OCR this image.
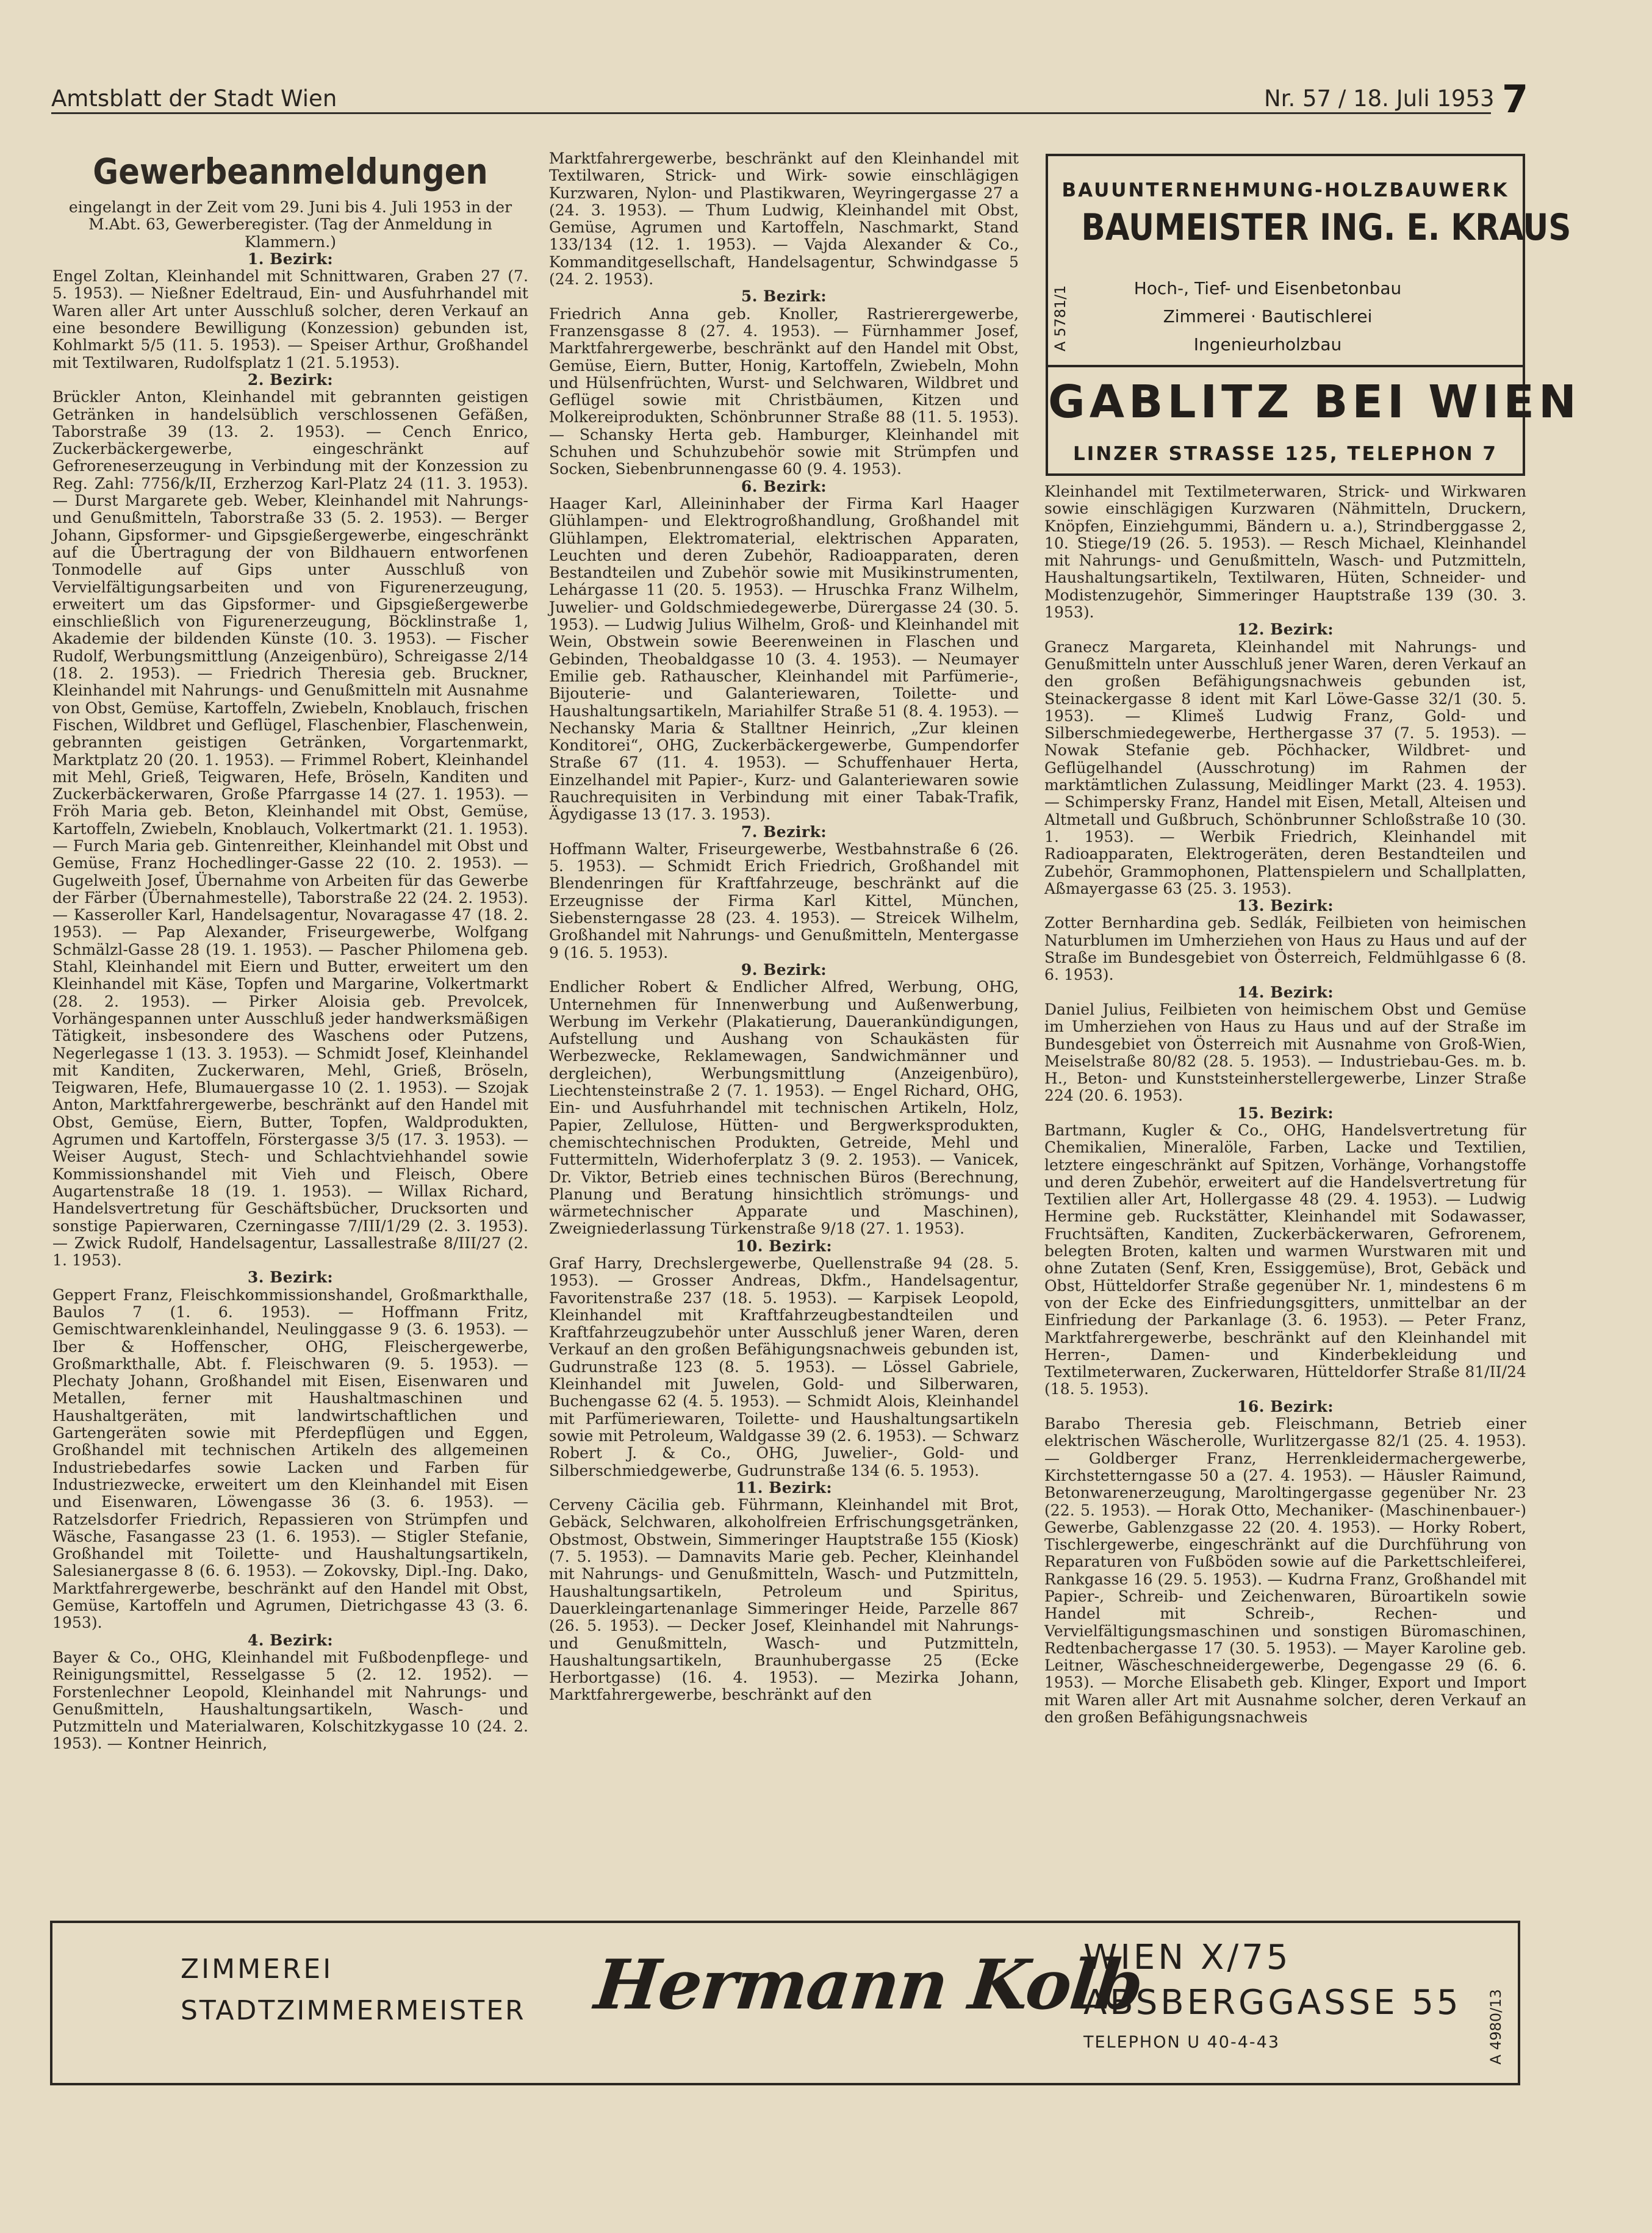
Amtsblatt der Stadt Wien	Nr. 57 / 18. Juli 1953 7
Gewerbeanmeldungen

eingelangt in der Zeit vom 29. Juni bis 4. Juli 1953 in der M.Abt. 63, Gewerberegister. (Tag der Anmeldung in Klammern.)

1. Bezirk:

Engel Zoltan, Kleinhandel mit Schnittwaren, Graben 27 (7. 5. 1953). — Nießner Edeltraud, Ein- und Ausfuhrhandel mit Waren aller Art unter Ausschluß solcher, deren Verkauf an eine besondere Bewilligung (Konzession) gebunden ist, Kohlmarkt 5/5 (11. 5. 1953). — Speiser Arthur, Großhandel mit Textilwaren, Rudolfsplatz 1 (21. 5.1953).

2. Bezirk:

Brückler Anton, Kleinhandel mit gebrannten geistigen Getränken in handelsüblich verschlossenen Gefäßen, Taborstraße 39 (13. 2. 1953). — Cench Enrico, Zuckerbäckergewerbe, eingeschränkt auf Gefroreneserzeugung in Verbindung mit der Konzession zu Reg. Zahl: 7756/k/II, Erzherzog Karl-Platz 24 (11. 3. 1953). — Durst Margarete geb. Weber, Kleinhandel mit Nahrungs- und Genußmitteln, Taborstraße 33 (5. 2. 1953). — Berger Johann, Gipsformer- und Gipsgießergewerbe, eingeschränkt auf die Übertragung der von Bildhauern entworfenen Tonmodelle auf Gips unter Ausschluß von Vervielfältigungsarbeiten und von Figurenerzeugung, erweitert um das Gipsformer- und Gipsgießergewerbe einschließlich von Figurenerzeugung, Böcklinstraße 1, Akademie der bildenden Künste (10. 3. 1953). — Fischer Rudolf, Werbungsmittlung (Anzeigenbüro), Schreigasse 2/14 (18. 2. 1953). — Friedrich Theresia geb. Bruckner, Kleinhandel mit Nahrungs- und Genußmitteln mit Ausnahme von Obst, Gemüse, Kartoffeln, Zwiebeln, Knoblauch, frischen Fischen, Wildbret und Geflügel, Flaschenbier, Flaschenwein, gebrannten geistigen Getränken, Vorgartenmarkt, Marktplatz 20 (20. 1. 1953). — Frimmel Robert, Kleinhandel mit Mehl, Grieß, Teigwaren, Hefe, Bröseln, Kanditen und Zuckerbäckerwaren, Große Pfarrgasse 14 (27. 1. 1953). — Fröh Maria geb. Beton, Kleinhandel mit Obst, Gemüse, Kartoffeln, Zwiebeln, Knoblauch, Volkertmarkt (21. 1. 1953). — Furch Maria geb. Gintenreither, Kleinhandel mit Obst und Gemüse, Franz Hochedlinger-Gasse 22 (10. 2. 1953). — Gugelweith Josef, Übernahme von Arbeiten für das Gewerbe der Färber (Übernahmestelle), Taborstraße 22 (24. 2. 1953). — Kasseroller Karl, Handelsagentur, Novaragasse 47 (18. 2. 1953). — Pap Alexander, Friseurgewerbe, Wolfgang Schmälzl-Gasse 28 (19. 1. 1953). — Pascher Philomena geb. Stahl, Kleinhandel mit Eiern und Butter, erweitert um den Kleinhandel mit Käse, Topfen und Margarine, Volkertmarkt (28. 2. 1953). — Pirker Aloisia geb. Prevolcek, Vorhängespannen unter Ausschluß jeder handwerksmäßigen Tätigkeit, insbesondere des Waschens oder Putzens, Negerlegasse 1 (13. 3. 1953). — Schmidt Josef, Kleinhandel mit Kanditen, Zuckerwaren, Mehl, Grieß, Bröseln, Teigwaren, Hefe, Blumauergasse 10 (2. 1. 1953). — Szojak Anton, Marktfahrergewerbe, beschränkt auf den Handel mit Obst, Gemüse, Eiern, Butter, Topfen, Waldprodukten, Agrumen und Kartoffeln, Förstergasse 3/5 (17. 3. 1953). — Weiser August, Stech- und Schlachtviehhandel sowie Kommissionshandel mit Vieh und Fleisch, Obere Augartenstraße 18 (19. 1. 1953). — Willax Richard, Handelsvertretung für Geschäftsbücher, Drucksorten und sonstige Papierwaren, Czerningasse 7/III/1/29 (2. 3. 1953). — Zwick Rudolf, Handelsagentur, Lassallestraße 8/III/27 (2. 1. 1953).

3. Bezirk:

Geppert Franz, Fleischkommissionshandel, Großmarkthalle, Baulos 7 (1. 6. 1953). — Hoffmann Fritz, Gemischtwarenkleinhandel, Neulinggasse 9 (3. 6. 1953). — Iber & Hoffenscher, OHG, Fleischergewerbe, Großmarkthalle, Abt. f. Fleischwaren (9. 5. 1953). — Plechaty Johann, Großhandel mit Eisen, Eisenwaren und Metallen, ferner mit Haushaltmaschinen und Haushaltgeräten, mit landwirtschaftlichen und Gartengeräten sowie mit Pferdepflügen und Eggen, Großhandel mit technischen Artikeln des allgemeinen Industriebedarfes sowie Lacken und Farben für Industriezwecke, erweitert um den Kleinhandel mit Eisen und Eisenwaren, Löwengasse 36 (3. 6. 1953). — Ratzelsdorfer Friedrich, Repassieren von Strümpfen und Wäsche, Fasangasse 23 (1. 6. 1953). — Stigler Stefanie, Großhandel mit Toilette- und Haushaltungsartikeln, Salesianergasse 8 (6. 6. 1953). — Zokovsky, Dipl.-Ing. Dako, Marktfahrergewerbe, beschränkt auf den Handel mit Obst, Gemüse, Kartoffeln und Agrumen, Dietrichgasse 43 (3. 6. 1953).

4. Bezirk:

Bayer & Co., OHG, Kleinhandel mit Fußbodenpflege- und Reinigungsmittel, Resselgasse 5 (2. 12. 1952). — Forstenlechner Leopold, Kleinhandel mit Nahrungs- und Genußmitteln, Haushaltungsartikeln, Wasch- und Putzmitteln und Materialwaren, Kolschitzkygasse 10 (24. 2. 1953). — Kontner Heinrich,

Marktfahrergewerbe, beschränkt auf den Kleinhandel mit Textilwaren, Strick- und Wirk- sowie einschlägigen Kurzwaren, Nylon- und Plastikwaren, Weyringergasse 27 a (24. 3. 1953). — Thum Ludwig, Kleinhandel mit Obst, Gemüse, Agrumen und Kartoffeln, Naschmarkt, Stand 133/134 (12. 1. 1953). — Vajda Alexander & Co., Kommanditgesellschaft, Handelsagentur, Schwindgasse 5 (24. 2. 1953).

5. Bezirk:

Friedrich Anna geb. Knoller, Rastrierergewerbe, Franzensgasse 8 (27. 4. 1953). — Fürnhammer Josef, Marktfahrergewerbe, beschränkt auf den Handel mit Obst, Gemüse, Eiern, Butter, Honig, Kartoffeln, Zwiebeln, Mohn und Hülsenfrüchten, Wurst- und Selchwaren, Wildbret und Geflügel sowie mit Christbäumen, Kitzen und Molkereiprodukten, Schönbrunner Straße 88 (11. 5. 1953). — Schansky Herta geb. Hamburger, Kleinhandel mit Schuhen und Schuhzubehör sowie mit Strümpfen und Socken, Siebenbrunnengasse 60 (9. 4. 1953).

6. Bezirk:

Haager Karl, Alleininhaber der Firma Karl Haager Glühlampen- und Elektrogroßhandlung, Großhandel mit Glühlampen, Elektromaterial, elektrischen Apparaten, Leuchten und deren Zubehör, Radioapparaten, deren Bestandteilen und Zubehör sowie mit Musikinstrumenten, Lehárgasse 11 (20. 5. 1953). — Hruschka Franz Wilhelm, Juwelier- und Goldschmiedegewerbe, Dürergasse 24 (30. 5. 1953). — Ludwig Julius Wilhelm, Groß- und Kleinhandel mit Wein, Obstwein sowie Beerenweinen in Flaschen und Gebinden, Theobaldgasse 10 (3. 4. 1953). — Neumayer Emilie geb. Rathauscher, Kleinhandel mit Parfümerie-, Bijouterie- und Galanteriewaren, Toilette- und Haushaltungsartikeln, Mariahilfer Straße 51 (8. 4. 1953). — Nechansky Maria & Stalltner Heinrich, „Zur kleinen Konditorei“, OHG, Zuckerbäckergewerbe, Gumpendorfer Straße 67 (11. 4. 1953). — Schuffenhauer Herta, Einzelhandel mit Papier-, Kurz- und Galanteriewaren sowie Rauchrequisiten in Verbindung mit einer Tabak-Trafik, Ägydigasse 13 (17. 3. 1953).

7. Bezirk:

Hoffmann Walter, Friseurgewerbe, Westbahnstraße 6 (26. 5. 1953). — Schmidt Erich Friedrich, Großhandel mit Blendenringen für Kraftfahrzeuge, beschränkt auf die Erzeugnisse der Firma Karl Kittel, München, Siebensterngasse 28 (23. 4. 1953). — Streicek Wilhelm, Großhandel mit Nahrungs- und Genußmitteln, Mentergasse 9 (16. 5. 1953).

9. Bezirk:

Endlicher Robert & Endlicher Alfred, Werbung, OHG, Unternehmen für Innenwerbung und Außenwerbung, Werbung im Verkehr (Plakatierung, Dauerankündigungen, Aufstellung und Aushang von Schaukästen für Werbezwecke, Reklamewagen, Sandwichmänner und dergleichen), Werbungsmittlung (Anzeigenbüro), Liechtensteinstraße 2 (7. 1. 1953). — Engel Richard, OHG, Ein- und Ausfuhrhandel mit technischen Artikeln, Holz, Papier, Zellulose, Hütten- und Bergwerksprodukten, chemischtechnischen Produkten, Getreide, Mehl und Futtermitteln, Widerhoferplatz 3 (9. 2. 1953). — Vanicek, Dr. Viktor, Betrieb eines technischen Büros (Berechnung, Planung und Beratung hinsichtlich strömungs- und wärmetechnischer Apparate und Maschinen), Zweigniederlassung Türkenstraße 9/18 (27. 1. 1953).

10. Bezirk:

Graf Harry, Drechslergewerbe, Quellenstraße 94 (28. 5. 1953). — Grosser Andreas, Dkfm., Handelsagentur, Favoritenstraße 237 (18. 5. 1953). — Karpisek Leopold, Kleinhandel mit Kraftfahrzeugbestandteilen und Kraftfahrzeugzubehör unter Ausschluß jener Waren, deren Verkauf an den großen Befähigungsnachweis gebunden ist, Gudrunstraße 123 (8. 5. 1953). — Lössel Gabriele, Kleinhandel mit Juwelen, Gold- und Silberwaren, Buchengasse 62 (4. 5. 1953). — Schmidt Alois, Kleinhandel mit Parfümeriewaren, Toilette- und Haushaltungsartikeln sowie mit Petroleum, Waldgasse 39 (2. 6. 1953). — Schwarz Robert J. & Co., OHG, Juwelier-, Gold- und Silberschmiedgewerbe, Gudrunstraße 134 (6. 5. 1953).

11. Bezirk:

Cerveny Cäcilia geb. Führmann, Kleinhandel mit Brot, Gebäck, Selchwaren, alkoholfreien Erfrischungsgetränken, Obstmost, Obstwein, Simmeringer Hauptstraße 155 (Kiosk) (7. 5. 1953). — Damnavits Marie geb. Pecher, Kleinhandel mit Nahrungs- und Genußmitteln, Wasch- und Putzmitteln, Haushaltungsartikeln, Petroleum und Spiritus, Dauerkleingartenanlage Simmeringer Heide, Parzelle 867 (26. 5. 1953). — Decker Josef, Kleinhandel mit Nahrungs- und Genußmitteln, Wasch- und Putzmitteln, Haushaltungsartikeln, Braunhubergasse 25 (Ecke Herbortgasse) (16. 4. 1953). — Mezirka Johann, Marktfahrergewerbe, beschränkt auf den

BAUUNTERNEHMUNG-HOLZBAUWERK
BAUMEISTER ING. E. KRAUS
A 5781/1	Hoch-, Tief- und Eisenbetonbau
Zimmerei · Bautischlerei
Ingenieurholzbau
GABLITZ BEI WIEN
LINZER STRASSE 125, TELEPHON 7

Kleinhandel mit Textilmeterwaren, Strick- und Wirkwaren sowie einschlägigen Kurzwaren (Nähmitteln, Druckern, Knöpfen, Einziehgummi, Bändern u. a.), Strindberggasse 2, 10. Stiege/19 (26. 5. 1953). — Resch Michael, Kleinhandel mit Nahrungs- und Genußmitteln, Wasch- und Putzmitteln, Haushaltungsartikeln, Textilwaren, Hüten, Schneider- und Modistenzugehör, Simmeringer Hauptstraße 139 (30. 3. 1953).

12. Bezirk:

Granecz Margareta, Kleinhandel mit Nahrungs- und Genußmitteln unter Ausschluß jener Waren, deren Verkauf an den großen Befähigungsnachweis gebunden ist, Steinackergasse 8 ident mit Karl Löwe-Gasse 32/1 (30. 5. 1953). — Klimeš Ludwig Franz, Gold- und Silberschmiedegewerbe, Herthergasse 37 (7. 5. 1953). — Nowak Stefanie geb. Pöchhacker, Wildbret- und Geflügelhandel (Ausschrotung) im Rahmen der marktämtlichen Zulassung, Meidlinger Markt (23. 4. 1953). — Schimpersky Franz, Handel mit Eisen, Metall, Alteisen und Altmetall und Gußbruch, Schönbrunner Schloßstraße 10 (30. 1. 1953). — Werbik Friedrich, Kleinhandel mit Radioapparaten, Elektrogeräten, deren Bestandteilen und Zubehör, Grammophonen, Plattenspielern und Schallplatten, Aßmayergasse 63 (25. 3. 1953).

13. Bezirk:

Zotter Bernhardina geb. Sedlák, Feilbieten von heimischen Naturblumen im Umherziehen von Haus zu Haus und auf der Straße im Bundesgebiet von Österreich, Feldmühlgasse 6 (8. 6. 1953).

14. Bezirk:

Daniel Julius, Feilbieten von heimischem Obst und Gemüse im Umherziehen von Haus zu Haus und auf der Straße im Bundesgebiet von Österreich mit Ausnahme von Groß-Wien, Meiselstraße 80/82 (28. 5. 1953). — Industriebau-Ges. m. b. H., Beton- und Kunststeinherstellergewerbe, Linzer Straße 224 (20. 6. 1953).

15. Bezirk:

Bartmann, Kugler & Co., OHG, Handelsvertretung für Chemikalien, Mineralöle, Farben, Lacke und Textilien, letztere eingeschränkt auf Spitzen, Vorhänge, Vorhangstoffe und deren Zubehör, erweitert auf die Handelsvertretung für Textilien aller Art, Hollergasse 48 (29. 4. 1953). — Ludwig Hermine geb. Ruckstätter, Kleinhandel mit Sodawasser, Fruchtsäften, Kanditen, Zuckerbäckerwaren, Gefrorenem, belegten Broten, kalten und warmen Wurstwaren mit und ohne Zutaten (Senf, Kren, Essiggemüse), Brot, Gebäck und Obst, Hütteldorfer Straße gegenüber Nr. 1, mindestens 6 m von der Ecke des Einfriedungsgitters, unmittelbar an der Einfriedung der Parkanlage (3. 6. 1953). — Peter Franz, Marktfahrergewerbe, beschränkt auf den Kleinhandel mit Herren-, Damen- und Kinderbekleidung und Textilmeterwaren, Zuckerwaren, Hütteldorfer Straße 81/II/24 (18. 5. 1953).

16. Bezirk:

Barabo Theresia geb. Fleischmann, Betrieb einer elektrischen Wäscherolle, Wurlitzergasse 82/1 (25. 4. 1953). — Goldberger Franz, Herrenkleidermachergewerbe, Kirchstetterngasse 50 a (27. 4. 1953). — Häusler Raimund, Betonwarenerzeugung, Maroltingergasse gegenüber Nr. 23 (22. 5. 1953). — Horak Otto, Mechaniker- (Maschinenbauer-) Gewerbe, Gablenzgasse 22 (20. 4. 1953). — Horky Robert, Tischlergewerbe, eingeschränkt auf die Durchführung von Reparaturen von Fußböden sowie auf die Parkettschleiferei, Rankgasse 16 (29. 5. 1953). — Kudrna Franz, Großhandel mit Papier-, Schreib- und Zeichenwaren, Büroartikeln sowie Handel mit Schreib-, Rechen- und Vervielfältigungsmaschinen und sonstigen Büromaschinen, Redtenbachergasse 17 (30. 5. 1953). — Mayer Karoline geb. Leitner, Wäscheschneidergewerbe, Degengasse 29 (6. 6. 1953). — Morche Elisabeth geb. Klinger, Export und Import mit Waren aller Art mit Ausnahme solcher, deren Verkauf an den großen Befähigungsnachweis

ZIMMEREI
STADTZIMMERMEISTER Hermann Kolb
WIEN X/75
ABSBERGGASSE 55
TELEPHON U 40-4-43	A 4980/13
